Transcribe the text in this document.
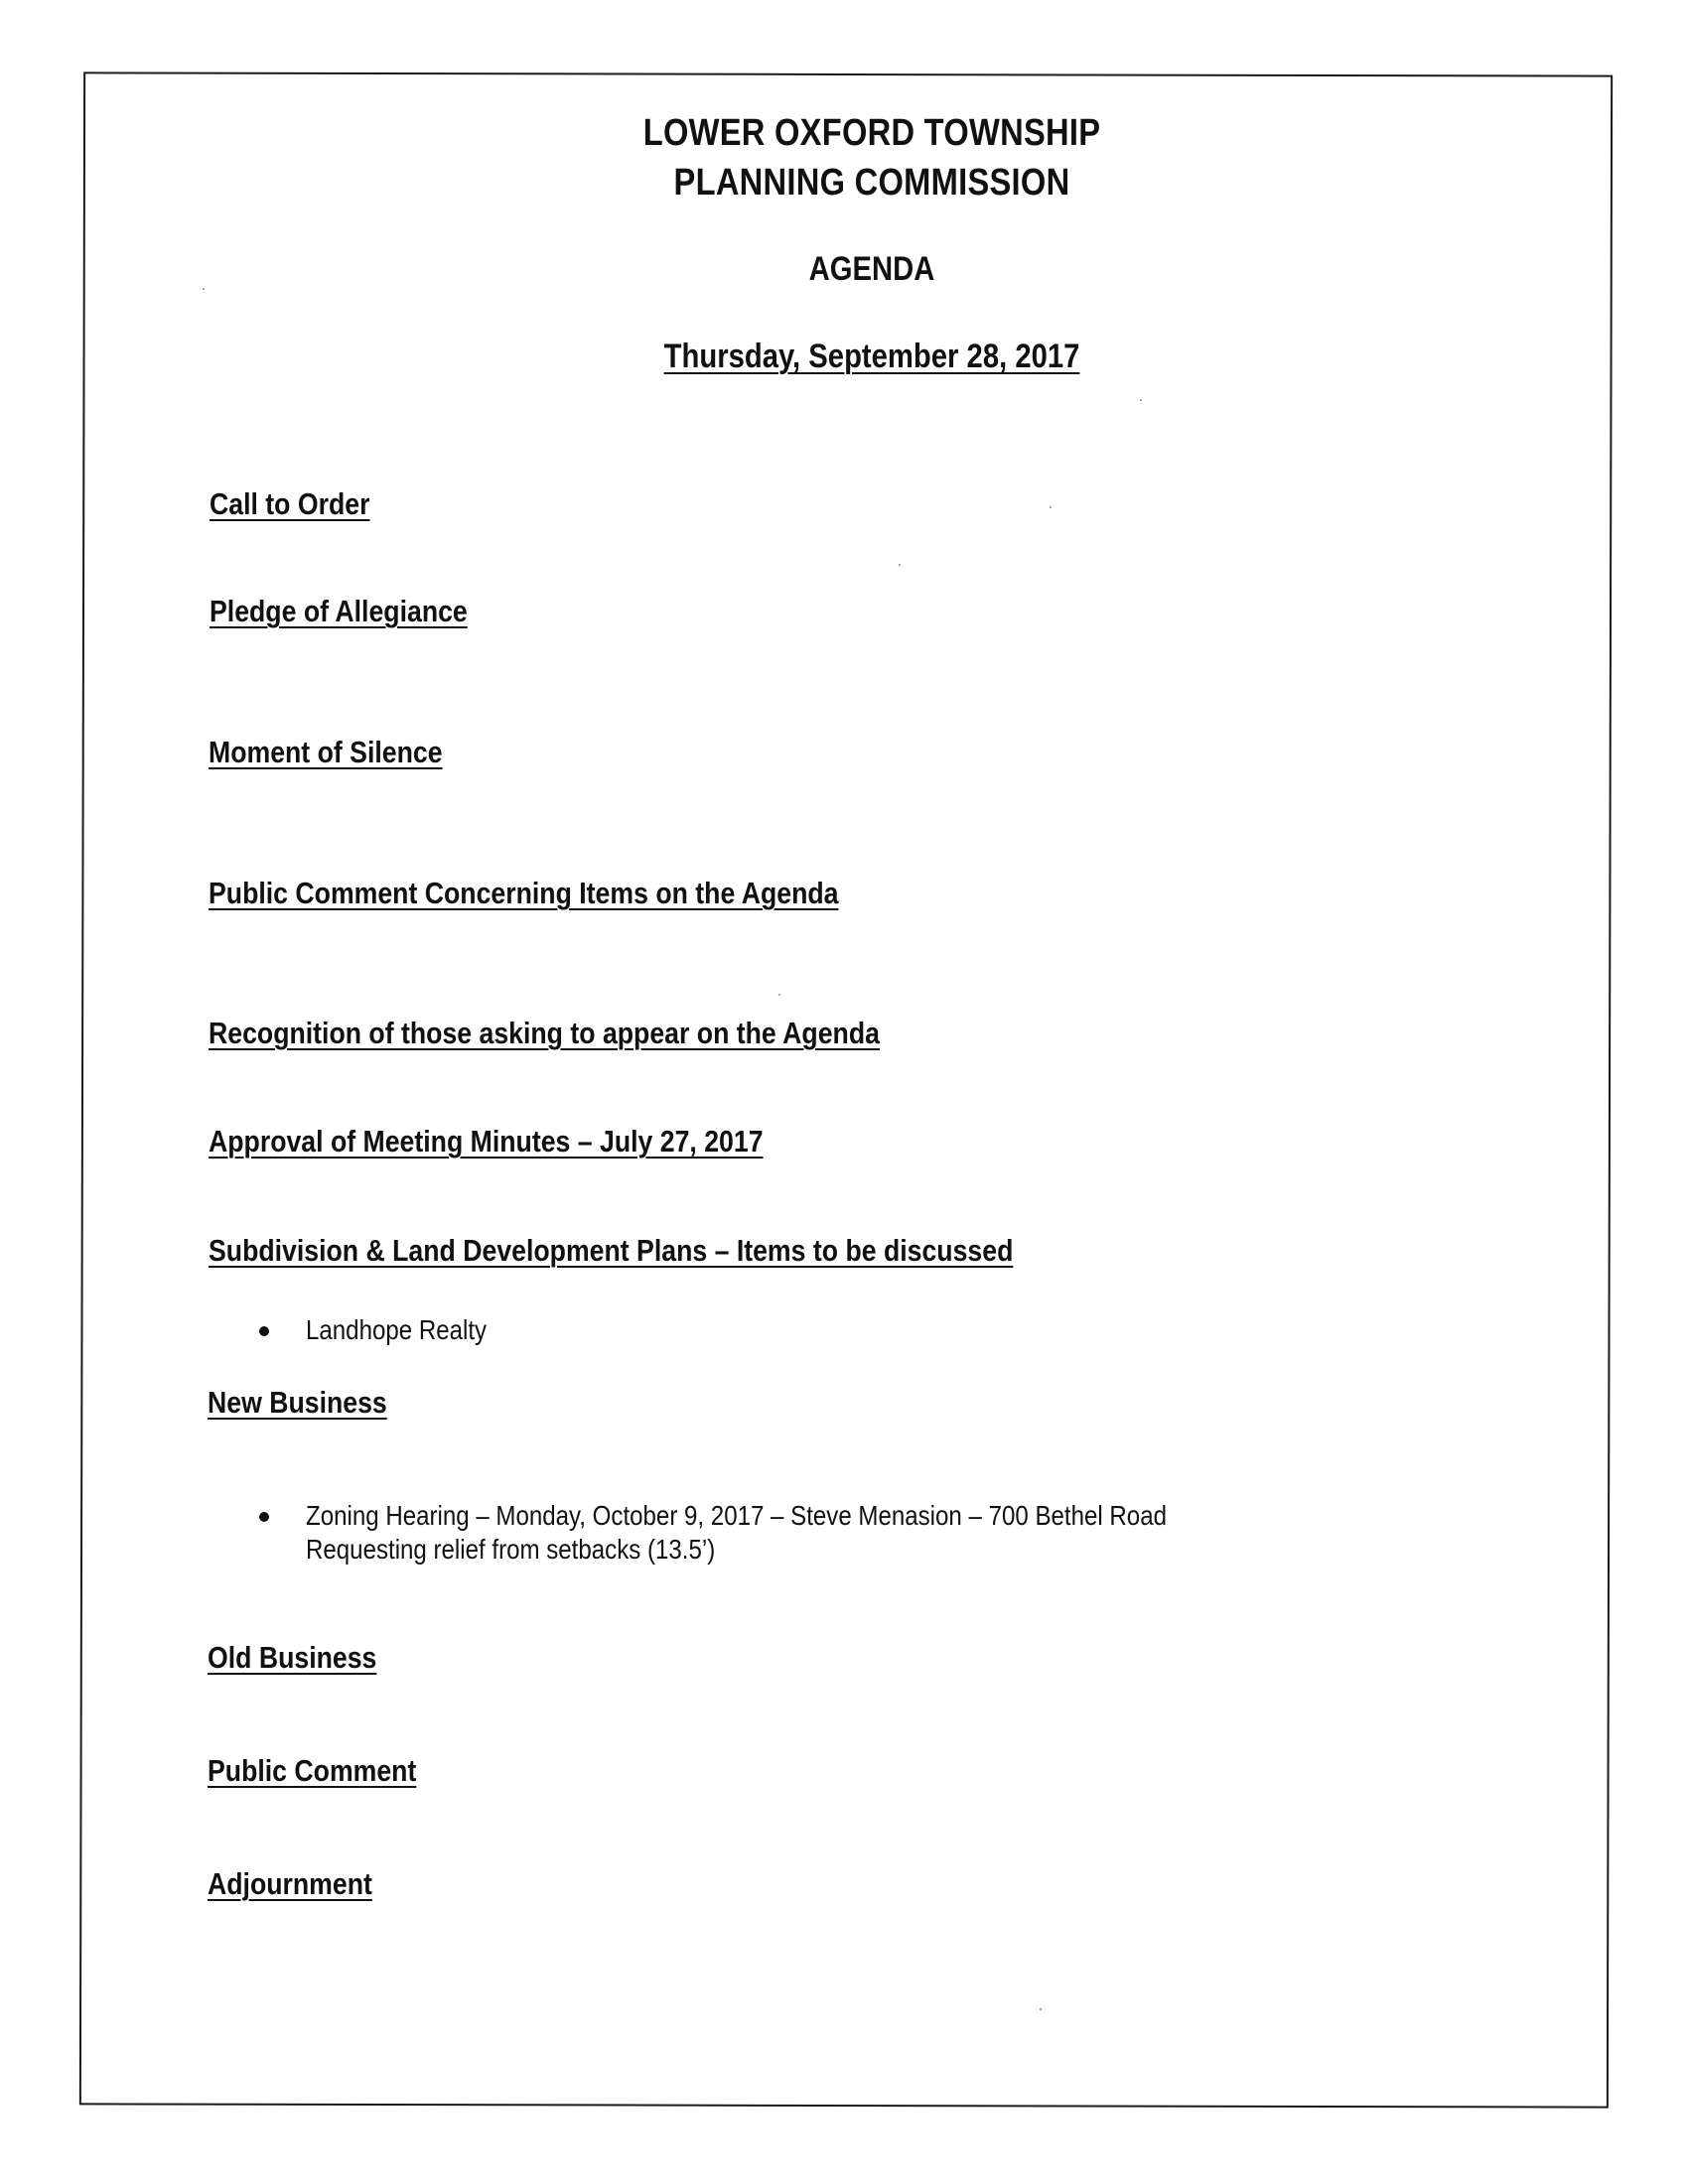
LOWER OXFORD TOWNSHIP
PLANNING COMMISSION
AGENDA
Thursday, September 28, 2017
Call to Order
Pledge of Allegiance
Moment of Silence
Public Comment Concerning Items on the Agenda
Recognition of those asking to appear on the Agenda
Approval of Meeting Minutes – July 27, 2017
Subdivision & Land Development Plans – Items to be discussed
Landhope Realty
New Business
Zoning Hearing – Monday, October 9, 2017 – Steve Menasion – 700 Bethel Road
Requesting relief from setbacks (13.5’)
Old Business
Public Comment
Adjournment
